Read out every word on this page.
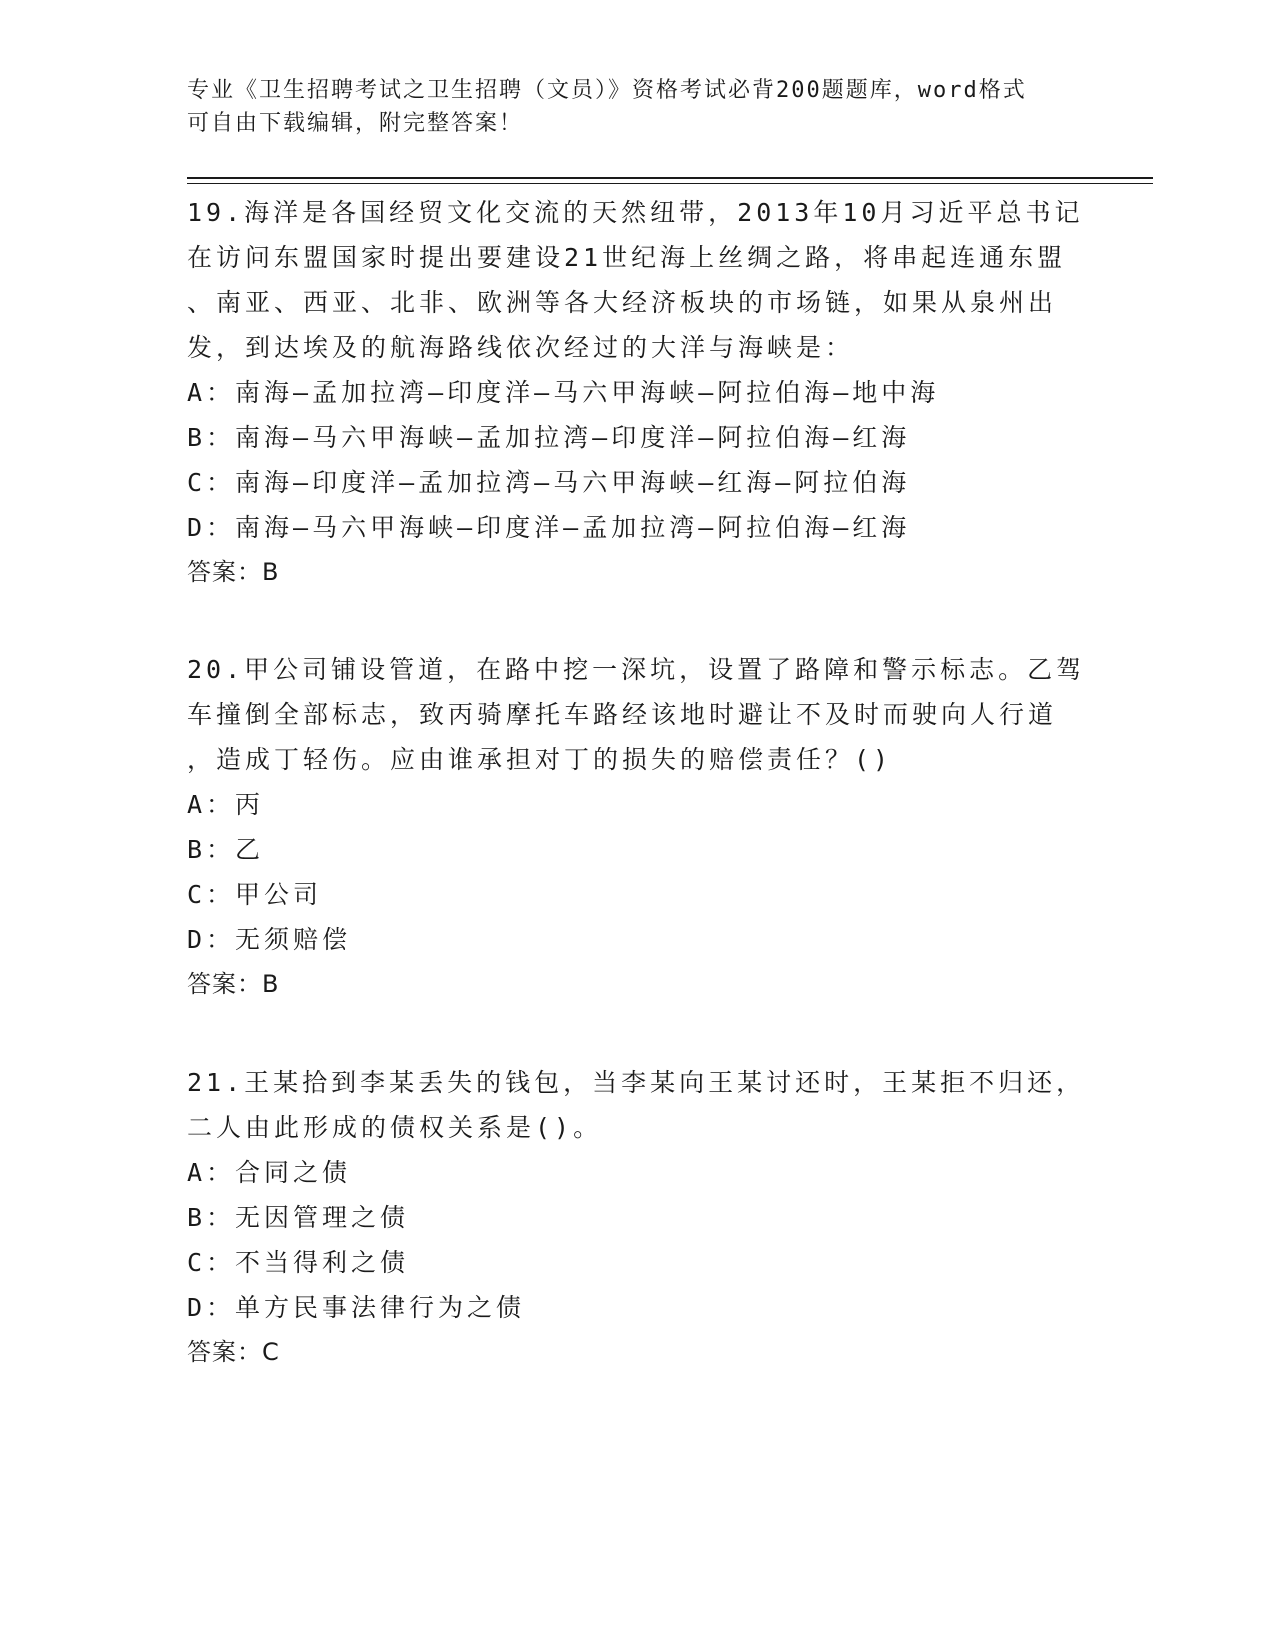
专业《卫生招聘考试之卫生招聘（文员）》资格考试必背200题题库，word格式
可自由下载编辑，附完整答案！
19.海洋是各国经贸文化交流的天然纽带，2013年10月习近平总书记
在访问东盟国家时提出要建设21世纪海上丝绸之路，将串起连通东盟
、南亚、西亚、北非、欧洲等各大经济板块的市场链，如果从泉州出
发，到达埃及的航海路线依次经过的大洋与海峡是：
A：南海—孟加拉湾—印度洋—马六甲海峡—阿拉伯海—地中海
B：南海—马六甲海峡—孟加拉湾—印度洋—阿拉伯海—红海
C：南海—印度洋—孟加拉湾—马六甲海峡—红海—阿拉伯海
D：南海—马六甲海峡—印度洋—孟加拉湾—阿拉伯海—红海
答案：B
20.甲公司铺设管道，在路中挖一深坑，设置了路障和警示标志。乙驾
车撞倒全部标志，致丙骑摩托车路经该地时避让不及时而驶向人行道
，造成丁轻伤。应由谁承担对丁的损失的赔偿责任？()
A：丙
B：乙
C：甲公司
D：无须赔偿
答案：B
21.王某拾到李某丢失的钱包，当李某向王某讨还时，王某拒不归还，
二人由此形成的债权关系是()。
A：合同之债
B：无因管理之债
C：不当得利之债
D：单方民事法律行为之债
答案：C
